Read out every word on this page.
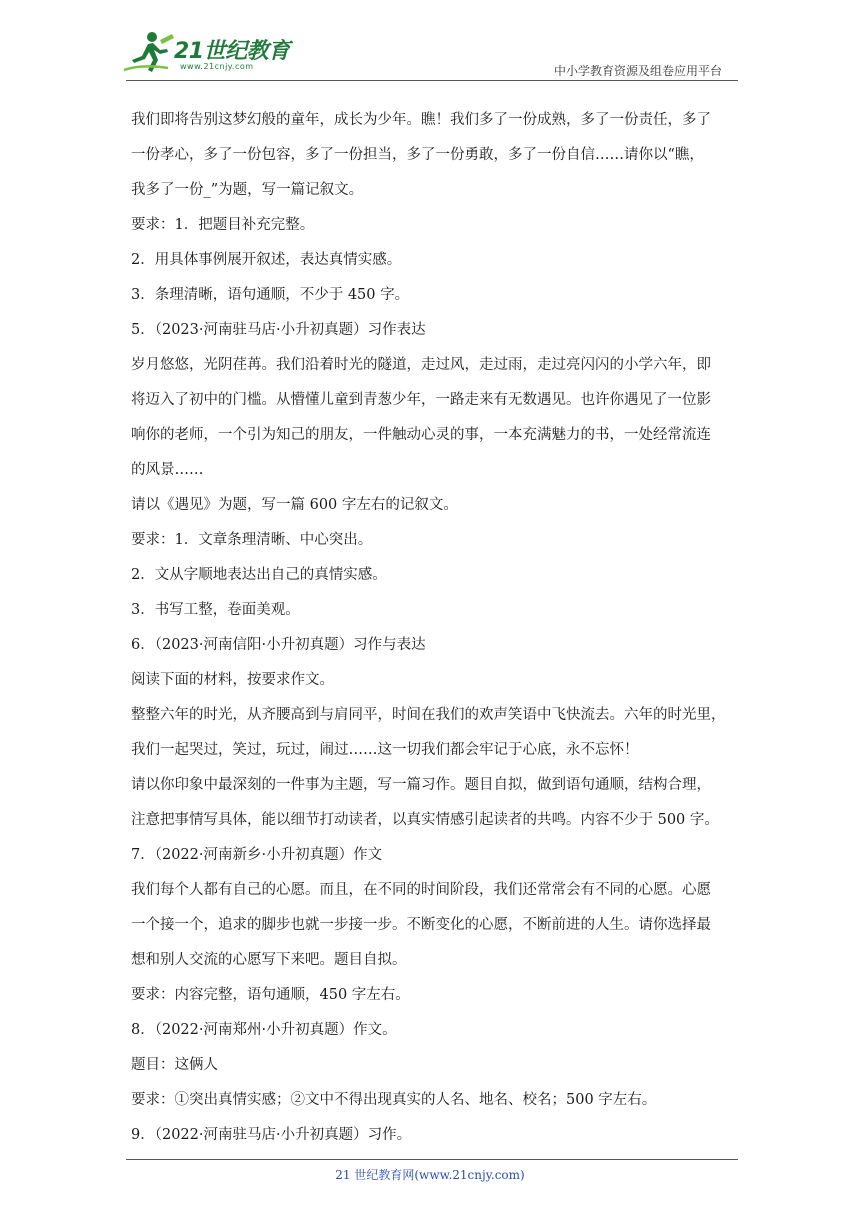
21世纪教育
www.21cnjy.com	中小学教育资源及组卷应用平台

我们即将告别这梦幻般的童年，成长为少年。瞧！我们多了一份成熟，多了一份责任，多了

一份孝心，多了一份包容，多了一份担当，多了一份勇敢，多了一份自信……请你以“瞧，

我多了一份_”为题，写一篇记叙文。

要求：1．把题目补充完整。

2．用具体事例展开叙述，表达真情实感。

3．条理清晰，语句通顺，不少于 450 字。

5．（2023·河南驻马店·小升初真题）习作表达

岁月悠悠，光阴荏苒。我们沿着时光的隧道，走过风，走过雨，走过亮闪闪的小学六年，即

将迈入了初中的门槛。从懵懂儿童到青葱少年，一路走来有无数遇见。也许你遇见了一位影

响你的老师，一个引为知己的朋友，一件触动心灵的事，一本充满魅力的书，一处经常流连

的风景……

请以《遇见》为题，写一篇 600 字左右的记叙文。

要求：1．文章条理清晰、中心突出。

2．文从字顺地表达出自己的真情实感。

3．书写工整，卷面美观。

6．（2023·河南信阳·小升初真题）习作与表达

阅读下面的材料，按要求作文。

整整六年的时光，从齐腰高到与肩同平，时间在我们的欢声笑语中飞快流去。六年的时光里，

我们一起哭过，笑过，玩过，闹过……这一切我们都会牢记于心底，永不忘怀！

请以你印象中最深刻的一件事为主题，写一篇习作。题目自拟，做到语句通顺，结构合理，

注意把事情写具体，能以细节打动读者，以真实情感引起读者的共鸣。内容不少于 500 字。

7．（2022·河南新乡·小升初真题）作文

我们每个人都有自己的心愿。而且，在不同的时间阶段，我们还常常会有不同的心愿。心愿

一个接一个，追求的脚步也就一步接一步。不断变化的心愿，不断前进的人生。请你选择最

想和别人交流的心愿写下来吧。题目自拟。

要求：内容完整，语句通顺，450 字左右。

8．（2022·河南郑州·小升初真题）作文。

题目：这俩人

要求：①突出真情实感；②文中不得出现真实的人名、地名、校名；500 字左右。

9．（2022·河南驻马店·小升初真题）习作。

21 世纪教育网(www.21cnjy.com)
